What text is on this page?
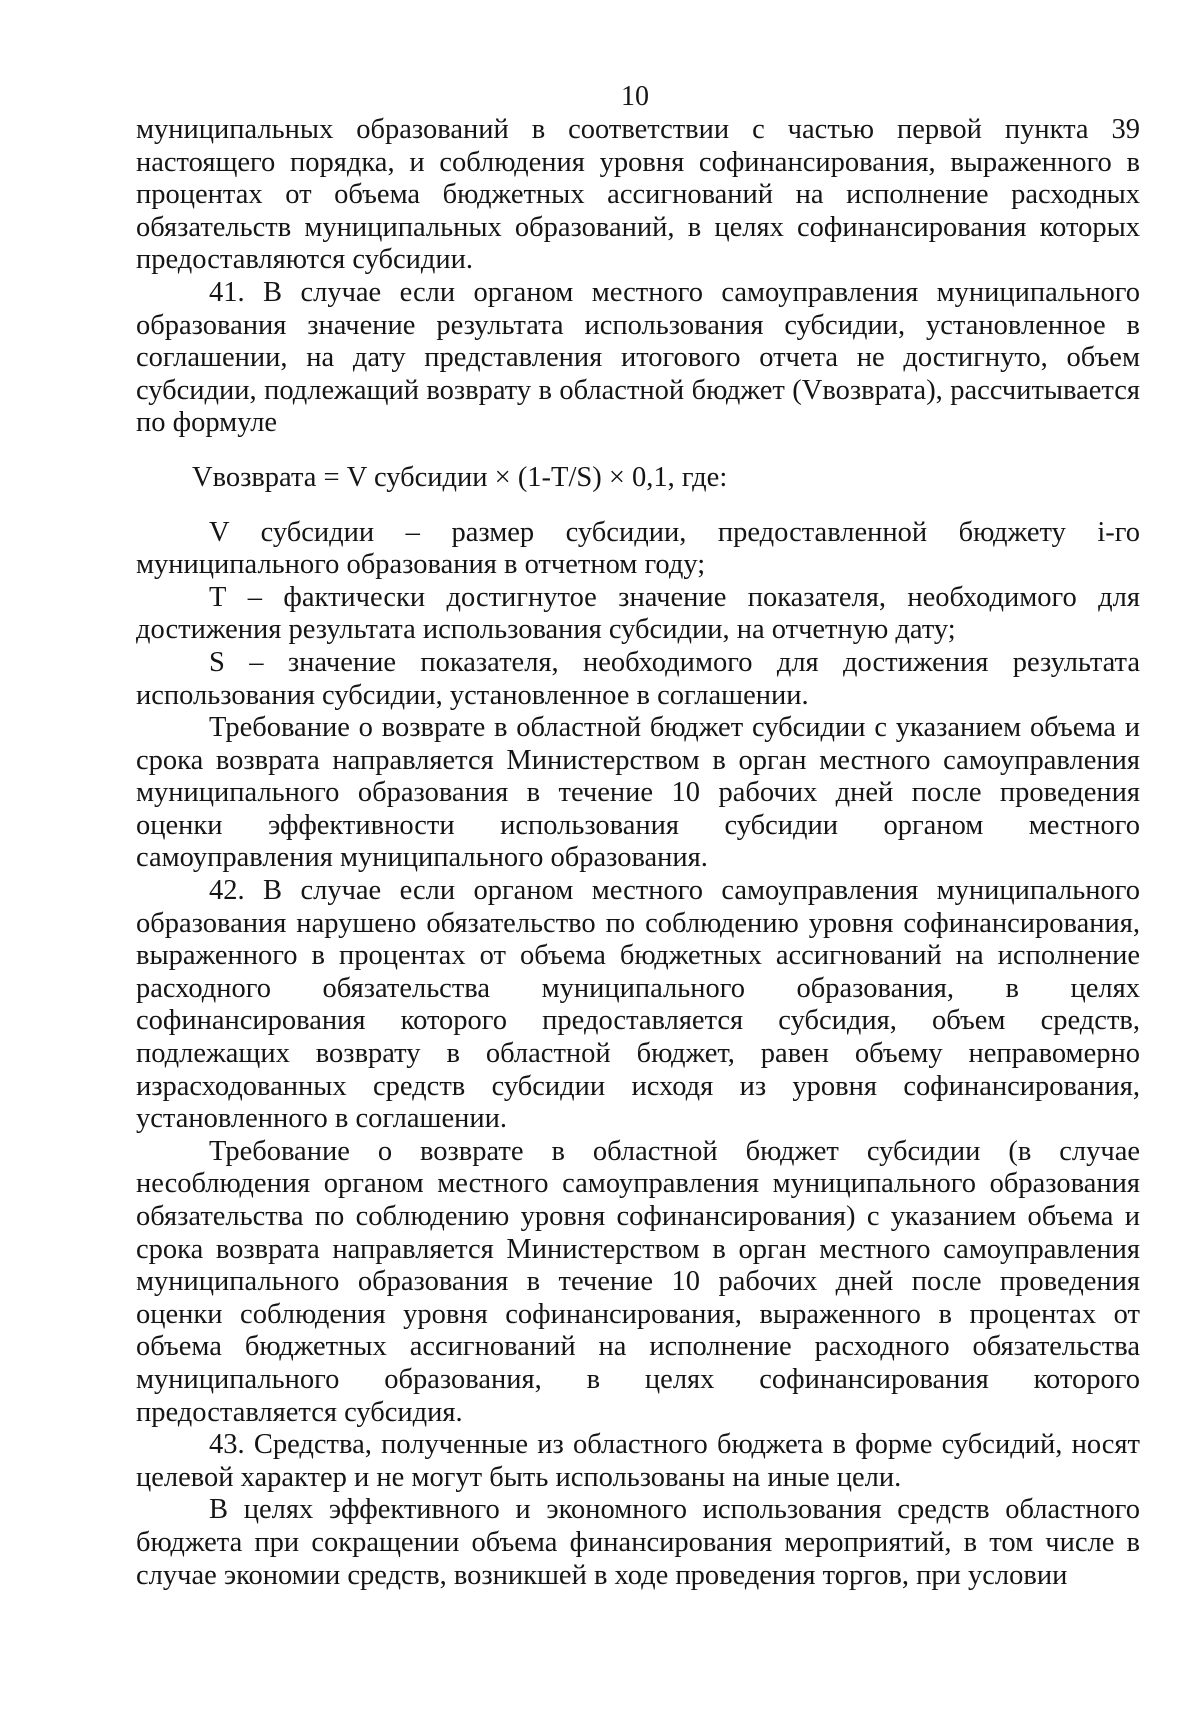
10

муниципальных образований в соответствии с частью первой пункта 39 настоящего порядка, и соблюдения уровня софинансирования, выраженного в процентах от объема бюджетных ассигнований на исполнение расходных обязательств муниципальных образований, в целях софинансирования которых предоставляются субсидии.

41. В случае если органом местного самоуправления муниципального образования значение результата использования субсидии, установленное в соглашении, на дату представления итогового отчета не достигнуто, объем субсидии, подлежащий возврату в областной бюджет (Vвозврата), рассчитывается по формуле

Vвозврата = V субсидии × (1-T/S) × 0,1, где:

V субсидии – размер субсидии, предоставленной бюджету i-го муниципального образования в отчетном году;

Т – фактически достигнутое значение показателя, необходимого для достижения результата использования субсидии, на отчетную дату;

S – значение показателя, необходимого для достижения результата использования субсидии, установленное в соглашении.

Требование о возврате в областной бюджет субсидии с указанием объема и срока возврата направляется Министерством в орган местного самоуправления муниципального образования в течение 10 рабочих дней после проведения оценки эффективности использования субсидии органом местного самоуправления муниципального образования.

42. В случае если органом местного самоуправления муниципального образования нарушено обязательство по соблюдению уровня софинансирования, выраженного в процентах от объема бюджетных ассигнований на исполнение расходного обязательства муниципального образования, в целях софинансирования которого предоставляется субсидия, объем средств, подлежащих возврату в областной бюджет, равен объему неправомерно израсходованных средств субсидии исходя из уровня софинансирования, установленного в соглашении.

Требование о возврате в областной бюджет субсидии (в случае несоблюдения органом местного самоуправления муниципального образования обязательства по соблюдению уровня софинансирования) с указанием объема и срока возврата направляется Министерством в орган местного самоуправления муниципального образования в течение 10 рабочих дней после проведения оценки соблюдения уровня софинансирования, выраженного в процентах от объема бюджетных ассигнований на исполнение расходного обязательства муниципального образования, в целях софинансирования которого предоставляется субсидия.

43. Средства, полученные из областного бюджета в форме субсидий, носят целевой характер и не могут быть использованы на иные цели.

В целях эффективного и экономного использования средств областного бюджета при сокращении объема финансирования мероприятий, в том числе в случае экономии средств, возникшей в ходе проведения торгов, при условии
